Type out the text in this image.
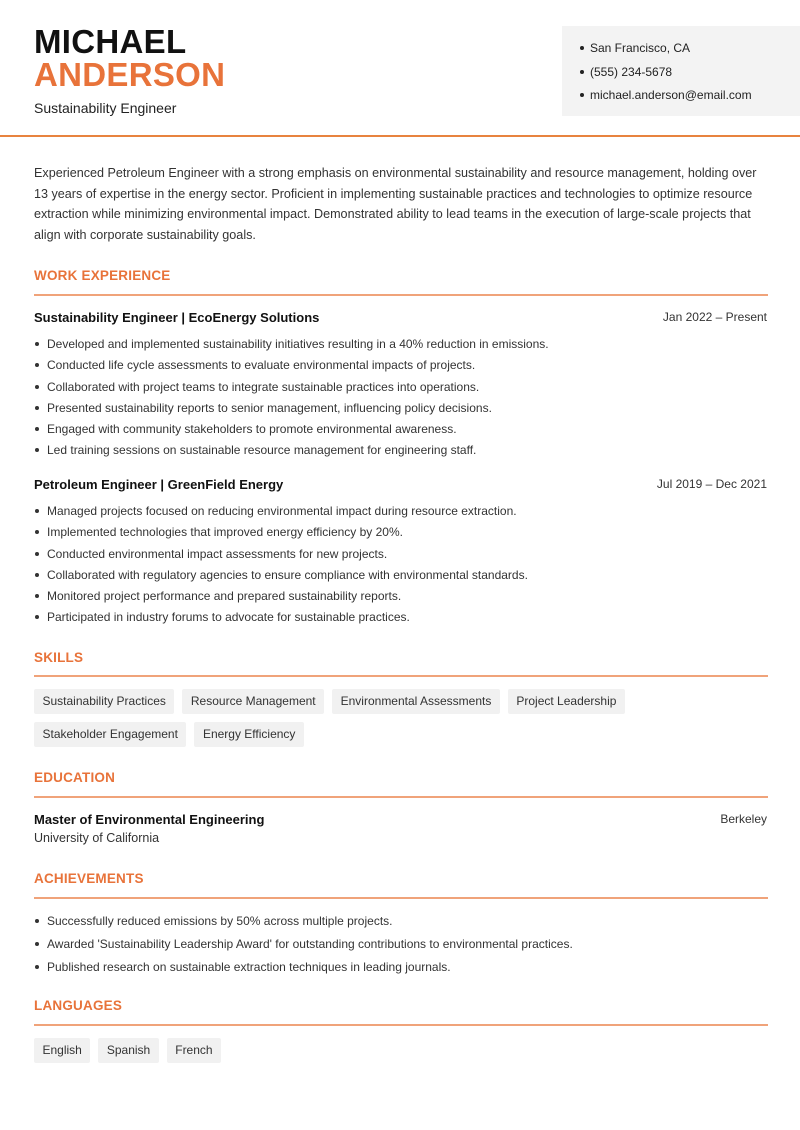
MICHAEL
ANDERSON
Sustainability Engineer
San Francisco, CA
(555) 234-5678
michael.anderson@email.com

Experienced Petroleum Engineer with a strong emphasis on environmental sustainability and resource management, holding over 13 years of expertise in the energy sector. Proficient in implementing sustainable practices and technologies to optimize resource extraction while minimizing environmental impact. Demonstrated ability to lead teams in the execution of large-scale projects that align with corporate sustainability goals.

WORK EXPERIENCE
Sustainability Engineer | EcoEnergy Solutions	Jan 2022 – Present
Developed and implemented sustainability initiatives resulting in a 40% reduction in emissions.
Conducted life cycle assessments to evaluate environmental impacts of projects.
Collaborated with project teams to integrate sustainable practices into operations.
Presented sustainability reports to senior management, influencing policy decisions.
Engaged with community stakeholders to promote environmental awareness.
Led training sessions on sustainable resource management for engineering staff.
Petroleum Engineer | GreenField Energy	Jul 2019 – Dec 2021
Managed projects focused on reducing environmental impact during resource extraction.
Implemented technologies that improved energy efficiency by 20%.
Conducted environmental impact assessments for new projects.
Collaborated with regulatory agencies to ensure compliance with environmental standards.
Monitored project performance and prepared sustainability reports.
Participated in industry forums to advocate for sustainable practices.
SKILLS
Sustainability Practices	Resource Management	Environmental Assessments	Project Leadership
Stakeholder Engagement	Energy Efficiency
EDUCATION
Master of Environmental Engineering	Berkeley
University of California
ACHIEVEMENTS
Successfully reduced emissions by 50% across multiple projects.
Awarded 'Sustainability Leadership Award' for outstanding contributions to environmental practices.
Published research on sustainable extraction techniques in leading journals.
LANGUAGES
English	Spanish	French
